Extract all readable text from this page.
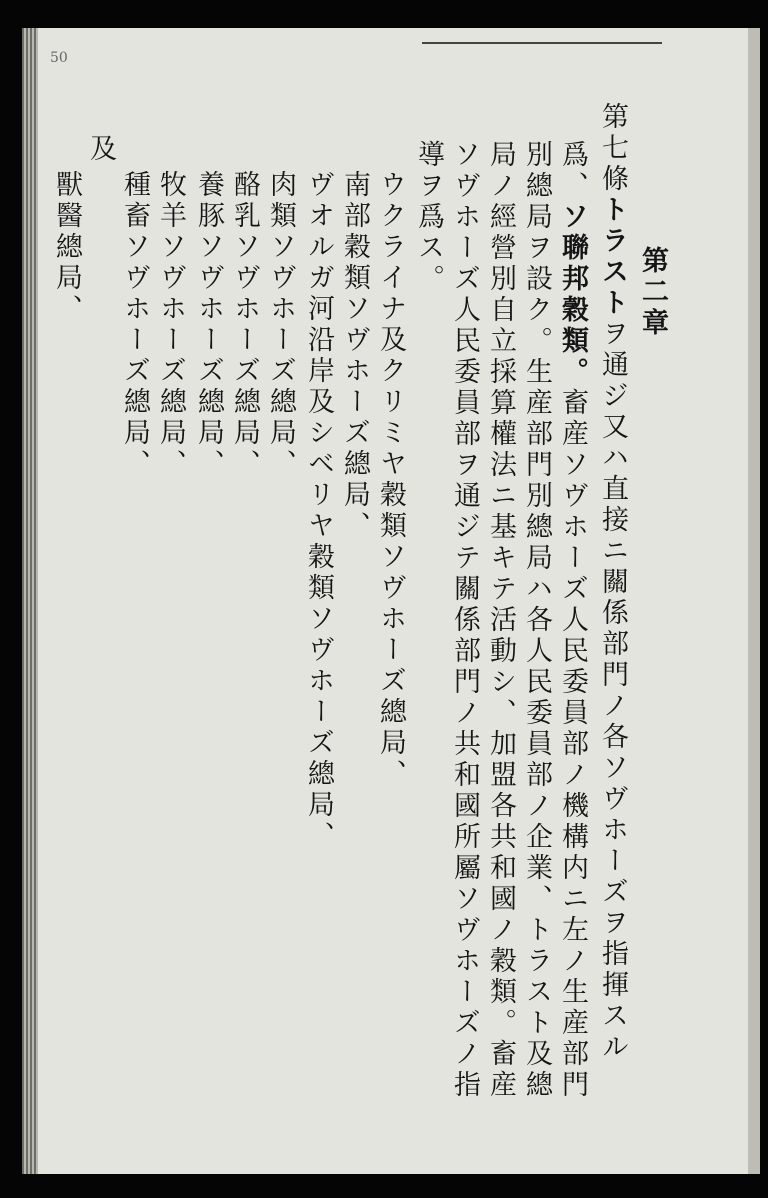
50
第二章
第七條トラストヲ通ジ又ハ直接ニ關係部門ノ各ソヴホーズヲ指揮スル
爲、ソ聯邦穀類。畜産ソヴホーズ人民委員部ノ機構内ニ左ノ生産部門
別總局ヲ設ク。生産部門別總局ハ各人民委員部ノ企業、トラスト及總
局ノ經營別自立採算權法ニ基キテ活動シ、加盟各共和國ノ穀類。畜産
ソヴホーズ人民委員部ヲ通ジテ關係部門ノ共和國所屬ソヴホーズノ指
導ヲ爲ス。
ウクライナ及クリミヤ穀類ソヴホーズ總局、
南部穀類ソヴホーズ總局、
ヴオルガ河沿岸及シベリヤ穀類ソヴホーズ總局、
肉類ソヴホーズ總局、
酪乳ソヴホーズ總局、
養豚ソヴホーズ總局、
牧羊ソヴホーズ總局、
種畜ソヴホーズ總局、
及
獸醫總局、
